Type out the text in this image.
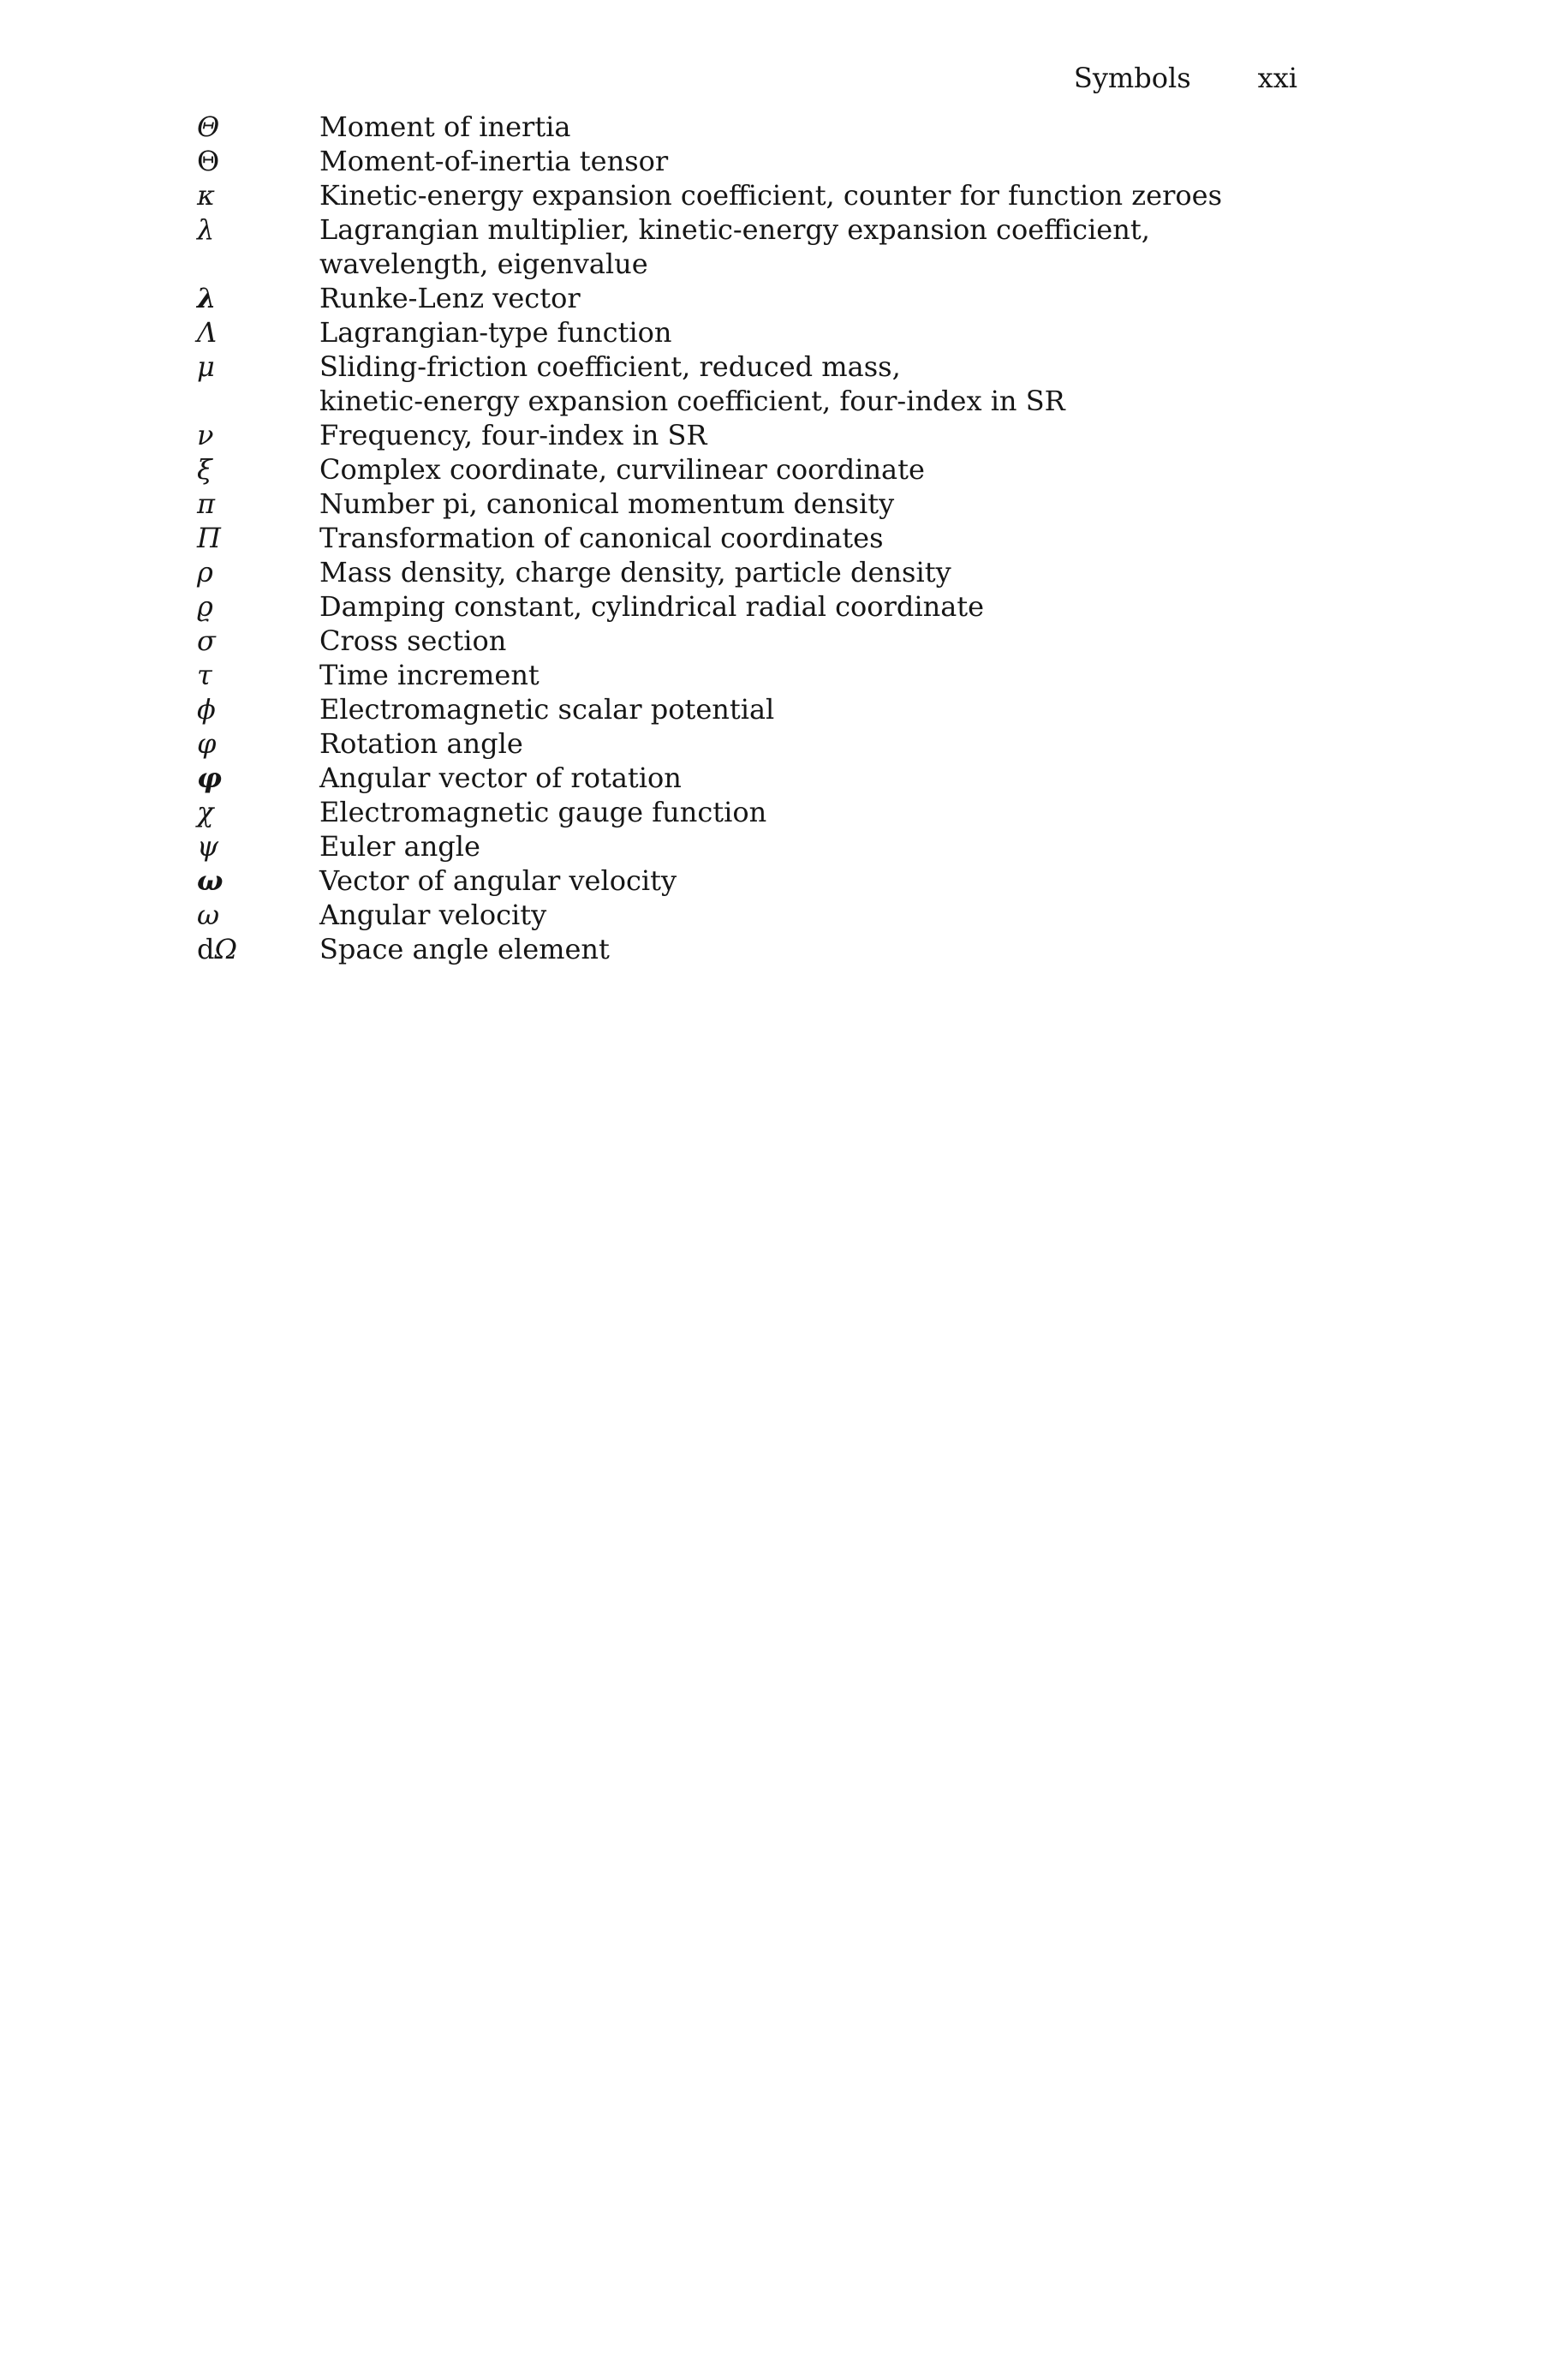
Symbols xxi
Θ	Moment of inertia
Θ	Moment-of-inertia tensor
κ	Kinetic-energy expansion coefficient, counter for function zeroes
λ	Lagrangian multiplier, kinetic-energy expansion coefficient,
wavelength, eigenvalue
λ	Runke-Lenz vector
Λ	Lagrangian-type function
μ	Sliding-friction coefficient, reduced mass,
kinetic-energy expansion coefficient, four-index in SR
ν	Frequency, four-index in SR
ξ	Complex coordinate, curvilinear coordinate
π	Number pi, canonical momentum density
Π	Transformation of canonical coordinates
ρ	Mass density, charge density, particle density
ϱ	Damping constant, cylindrical radial coordinate
σ	Cross section
τ	Time increment
ϕ	Electromagnetic scalar potential
φ	Rotation angle
φ	Angular vector of rotation
χ	Electromagnetic gauge function
ψ	Euler angle
ω	Vector of angular velocity
ω	Angular velocity
dΩ	Space angle element
